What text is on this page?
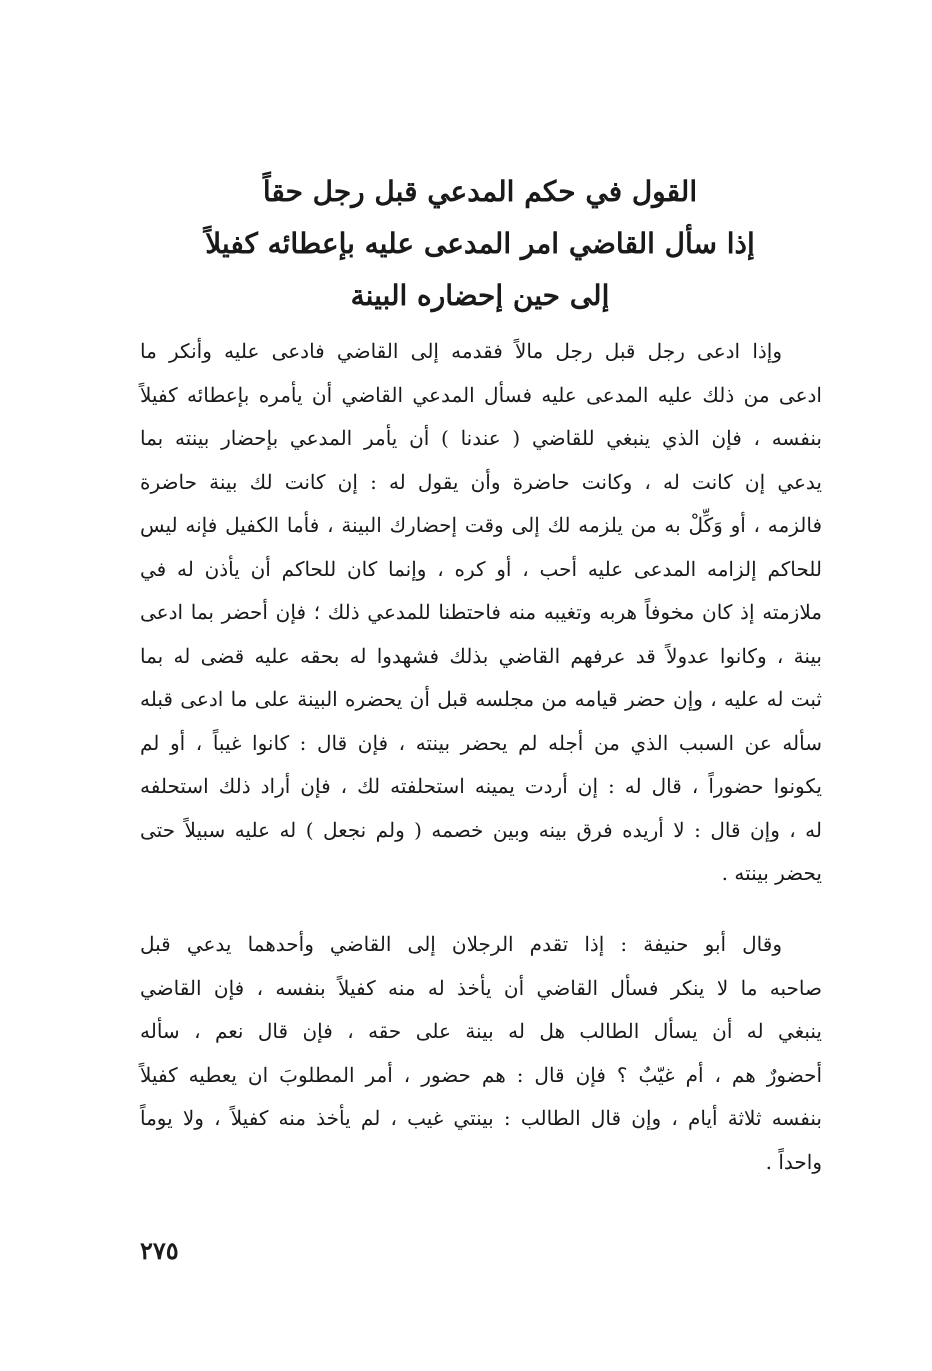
القول في حكم المدعي قبل رجل حقاً
إذا سأل القاضي امر المدعى عليه بإعطائه كفيلاً
إلى حين إحضاره البينة
وإذا ادعى رجل قبل رجل مالاً فقدمه إلى القاضي فادعى عليه وأنكر ما
ادعى من ذلك عليه المدعى عليه فسأل المدعي القاضي أن يأمره بإعطائه كفيلاً
بنفسه ، فإن الذي ينبغي للقاضي ( عندنا ) أن يأمر المدعي بإحضار بينته بما
يدعي إن كانت له ، وكانت حاضرة وأن يقول له : إن كانت لك بينة حاضرة
فالزمه ، أو وَكِّلْ به من يلزمه لك إلى وقت إحضارك البينة ، فأما الكفيل فإنه ليس
للحاكم إلزامه المدعى عليه أحب ، أو كره ، وإنما كان للحاكم أن يأذن له في
ملازمته إذ كان مخوفاً هربه وتغيبه منه فاحتطنا للمدعي ذلك ؛ فإن أحضر بما ادعى
بينة ، وكانوا عدولاً قد عرفهم القاضي بذلك فشهدوا له بحقه عليه قضى له بما
ثبت له عليه ، وإن حضر قيامه من مجلسه قبل أن يحضره البينة على ما ادعى قبله
سأله عن السبب الذي من أجله لم يحضر بينته ، فإن قال : كانوا غيباً ، أو لم
يكونوا حضوراً ، قال له : إن أردت يمينه استحلفته لك ، فإن أراد ذلك استحلفه
له ، وإن قال : لا أريده فرق بينه وبين خصمه ( ولم نجعل ) له عليه سبيلاً حتى
يحضر بينته .
وقال أبو حنيفة : إذا تقدم الرجلان إلى القاضي وأحدهما يدعي قبل
صاحبه ما لا ينكر فسأل القاضي أن يأخذ له منه كفيلاً بنفسه ، فإن القاضي
ينبغي له أن يسأل الطالب هل له بينة على حقه ، فإن قال نعم ، سأله
أحضورٌ هم ، أم غيّبٌ ؟ فإن قال : هم حضور ، أمر المطلوبَ ان يعطيه كفيلاً
بنفسه ثلاثة أيام ، وإن قال الطالب : بينتي غيب ، لم يأخذ منه كفيلاً ، ولا يوماً
واحداً .
٢٧٥
